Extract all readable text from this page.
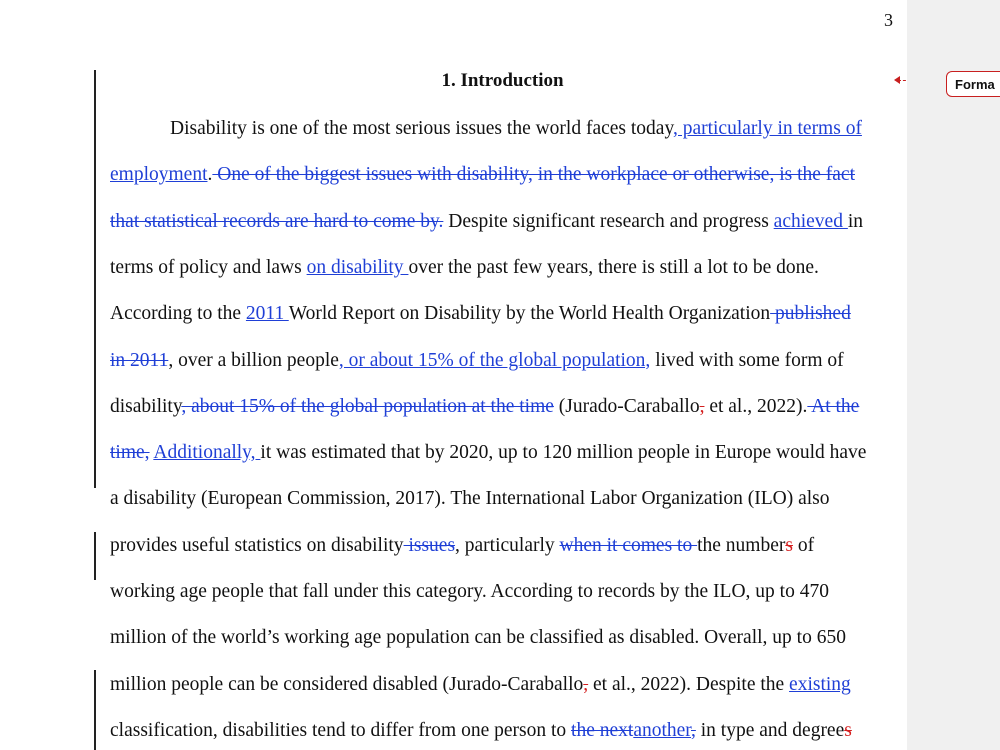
3
1. Introduction
Disability is one of the most serious issues the world faces today, particularly in terms of
employment. One of the biggest issues with disability, in the workplace or otherwise, is the fact
that statistical records are hard to come by. Despite significant research and progress achieved in
terms of policy and laws on disability over the past few years, there is still a lot to be done.
According to the 2011 World Report on Disability by the World Health Organization published
in 2011, over a billion people, or about 15% of the global population, lived with some form of
disability, about 15% of the global population at the time (Jurado-Caraballo, et al., 2022). At the
time, Additionally, it was estimated that by 2020, up to 120 million people in Europe would have
a disability (European Commission, 2017). The International Labor Organization (ILO) also
provides useful statistics on disability issues, particularly when it comes to the numbers of
working age people that fall under this category. According to records by the ILO, up to 470
million of the world’s working age population can be classified as disabled. Overall, up to 650
million people can be considered disabled (Jurado-Caraballo, et al., 2022). Despite the existing
classification, disabilities tend to differ from one person to the nextanother, in type and degrees
Forma
